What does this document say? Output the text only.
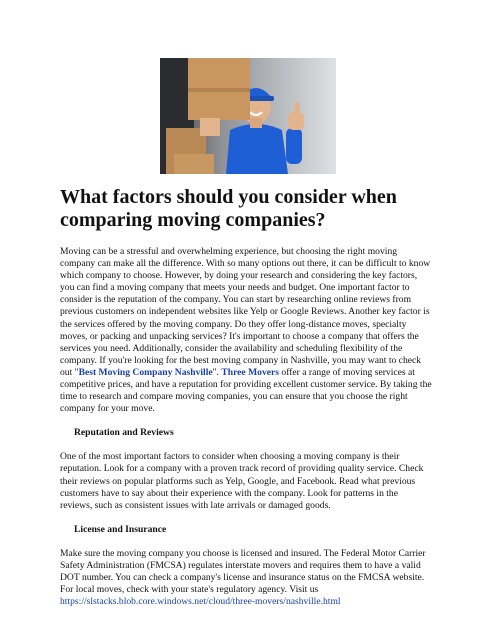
What factors should you consider when comparing moving companies?

Moving can be a stressful and overwhelming experience, but choosing the right moving company can make all the difference. With so many options out there, it can be difficult to know which company to choose. However, by doing your research and considering the key factors, you can find a moving company that meets your needs and budget. One important factor to consider is the reputation of the company. You can start by researching online reviews from previous customers on independent websites like Yelp or Google Reviews. Another key factor is the services offered by the moving company. Do they offer long-distance moves, specialty moves, or packing and unpacking services? It's important to choose a company that offers the services you need. Additionally, consider the availability and scheduling flexibility of the company. If you're looking for the best moving company in Nashville, you may want to check out "Best Moving Company Nashville". Three Movers offer a range of moving services at competitive prices, and have a reputation for providing excellent customer service. By taking the time to research and compare moving companies, you can ensure that you choose the right company for your move.

Reputation and Reviews

One of the most important factors to consider when choosing a moving company is their reputation. Look for a company with a proven track record of providing quality service. Check their reviews on popular platforms such as Yelp, Google, and Facebook. Read what previous customers have to say about their experience with the company. Look for patterns in the reviews, such as consistent issues with late arrivals or damaged goods.

License and Insurance

Make sure the moving company you choose is licensed and insured. The Federal Motor Carrier Safety Administration (FMCSA) regulates interstate movers and requires them to have a valid DOT number. You can check a company's license and insurance status on the FMCSA website. For local moves, check with your state's regulatory agency. Visit us
https://slstacks.blob.core.windows.net/cloud/three-movers/nashville.html
